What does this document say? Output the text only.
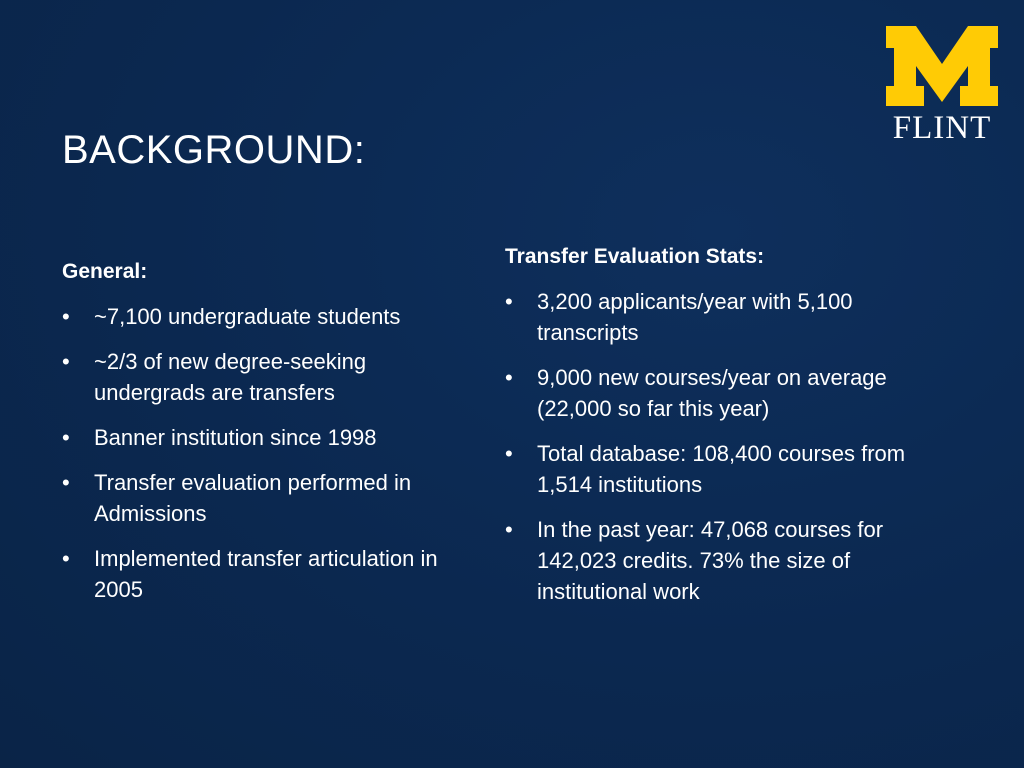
BACKGROUND:	FLINT
General:
•	~7,100 undergraduate students
•	~2/3 of new degree-seeking undergrads are transfers
•	Banner institution since 1998
•	Transfer evaluation performed in Admissions
•	Implemented transfer articulation in 2005
Transfer Evaluation Stats:
•	3,200 applicants/year with 5,100 transcripts
•	9,000 new courses/year on average (22,000 so far this year)
•	Total database: 108,400 courses from 1,514 institutions
•	In the past year: 47,068 courses for 142,023 credits. 73% the size of institutional work
